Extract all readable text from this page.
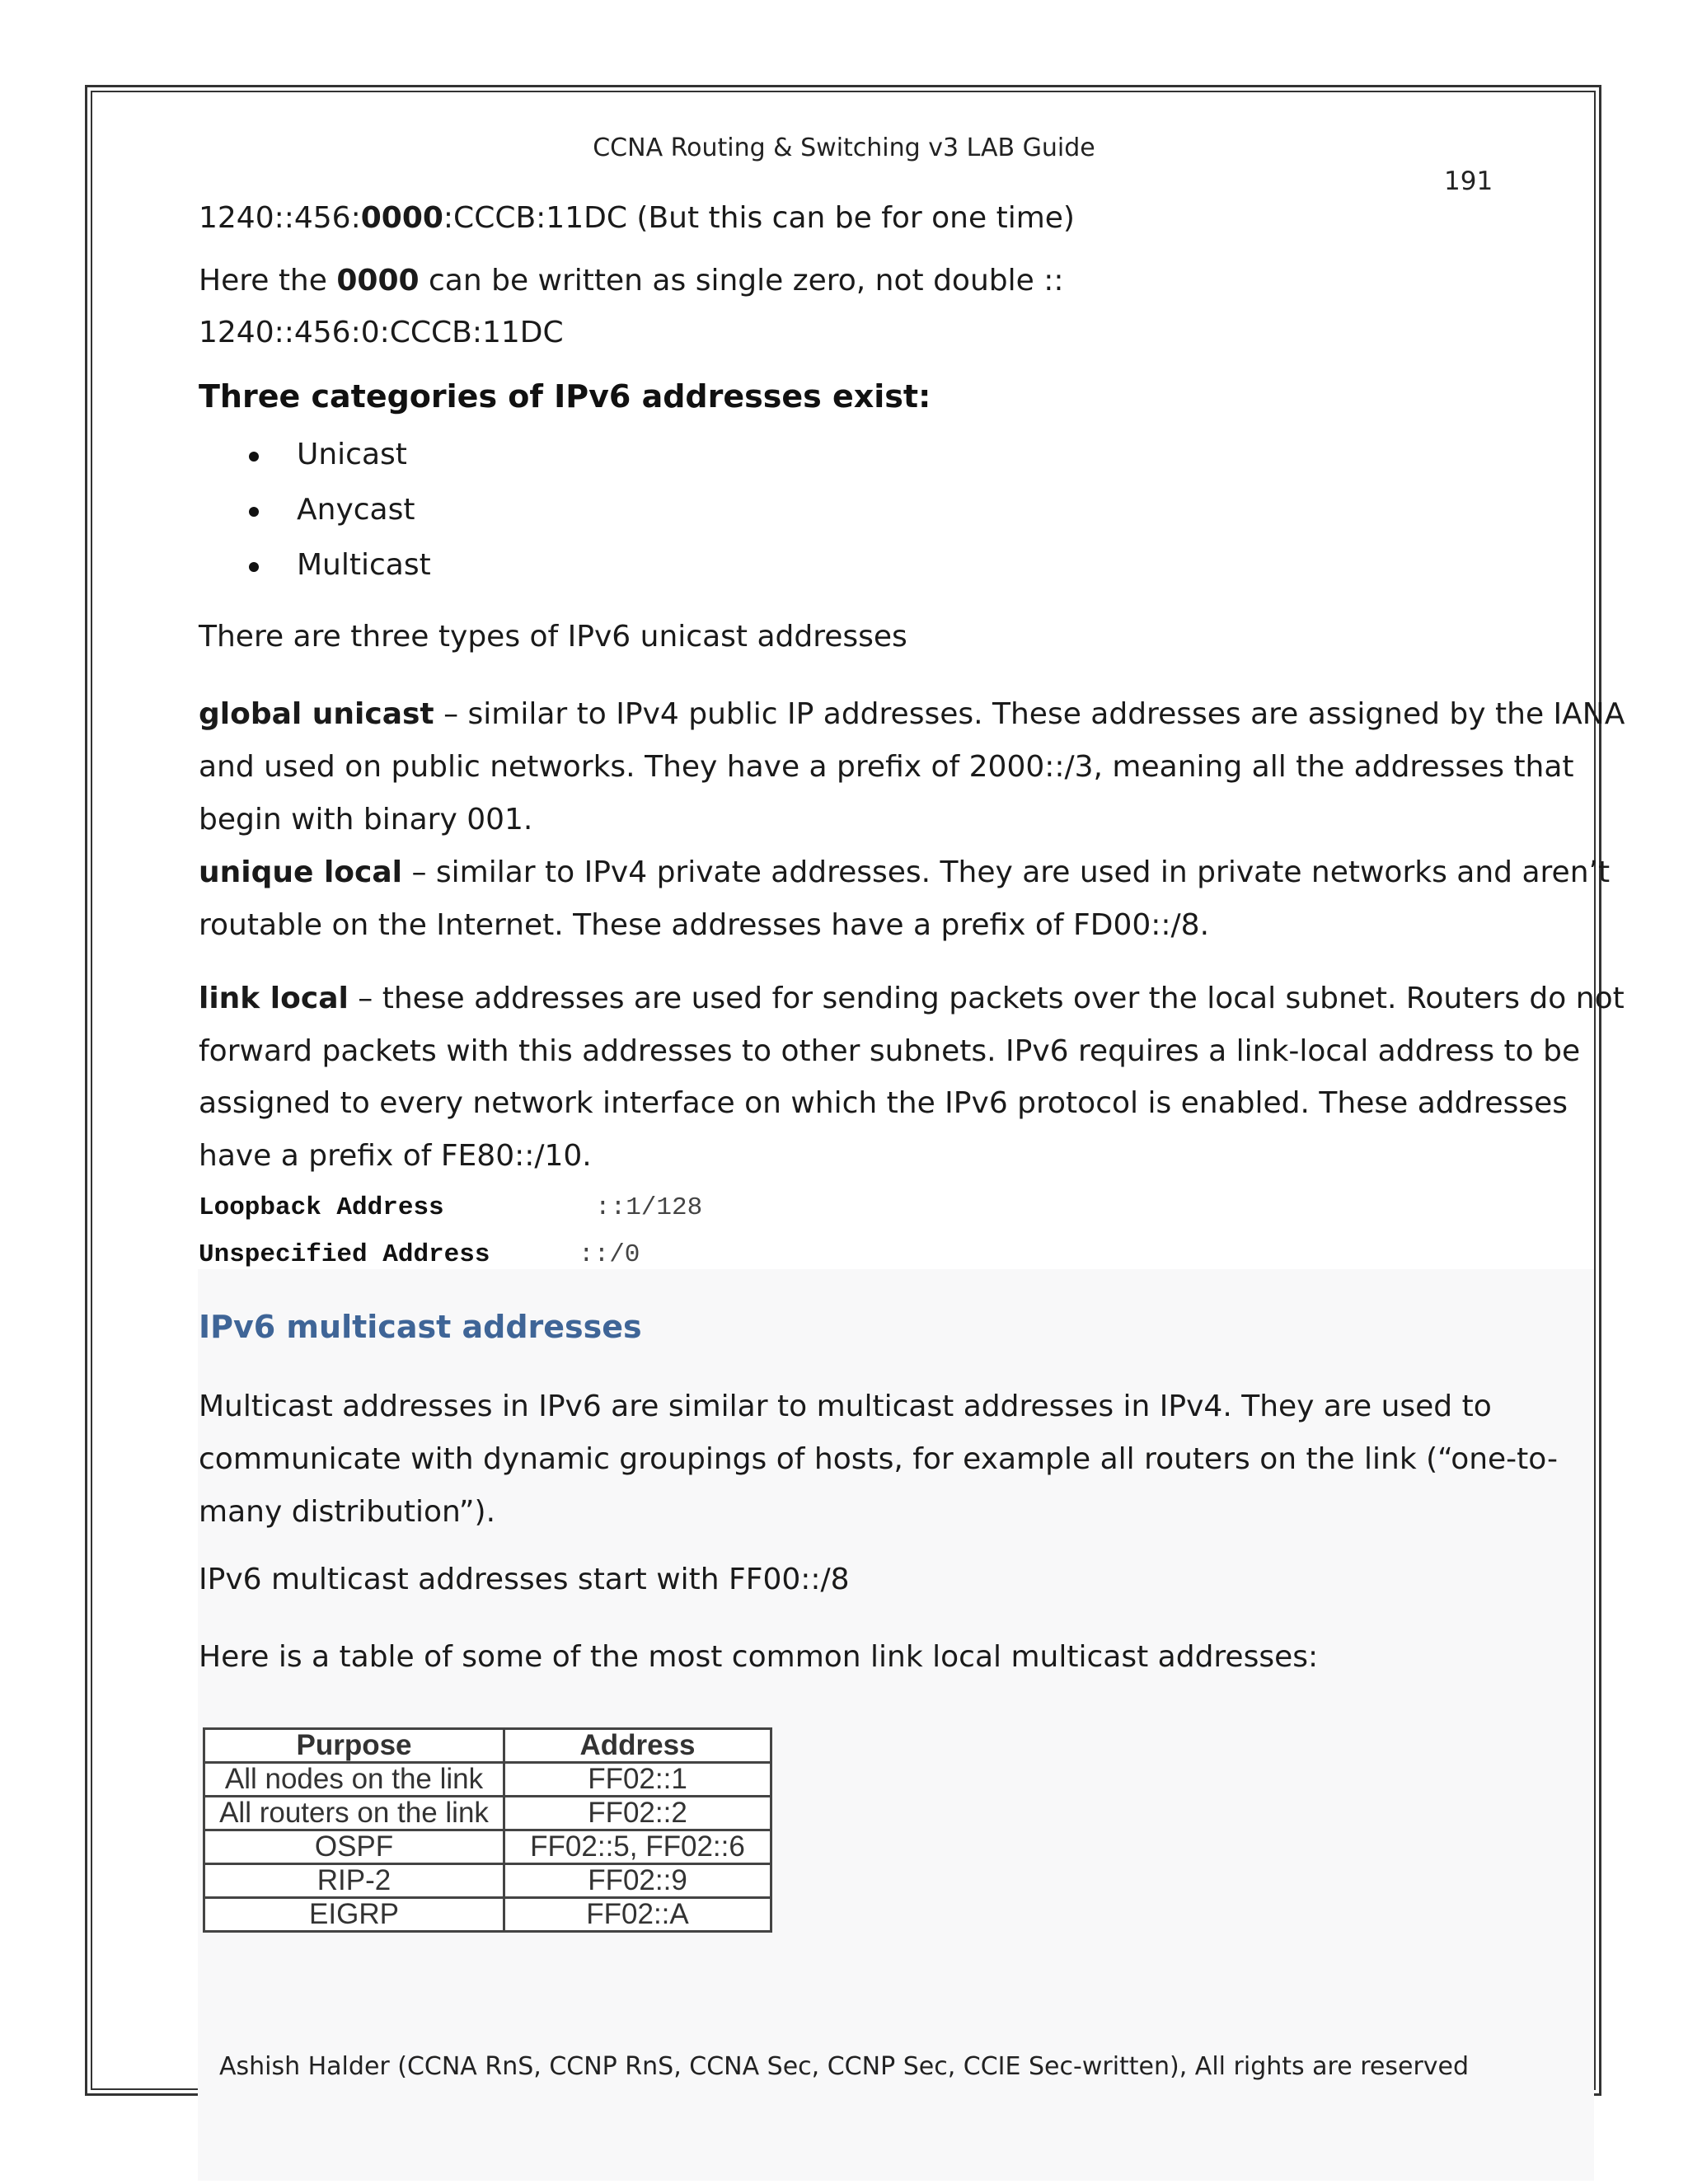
CCNA Routing & Switching v3 LAB Guide
191
1240::456:0000:CCCB:11DC (But this can be for one time)
Here the 0000 can be written as single zero, not double ::
1240::456:0:CCCB:11DC
Three categories of IPv6 addresses exist:
Unicast
Anycast
Multicast
There are three types of IPv6 unicast addresses
global unicast – similar to IPv4 public IP addresses. These addresses are assigned by the IANA
and used on public networks. They have a prefix of 2000::/3, meaning all the addresses that
begin with binary 001.
unique local – similar to IPv4 private addresses. They are used in private networks and aren’t
routable on the Internet. These addresses have a prefix of FD00::/8.
link local – these addresses are used for sending packets over the local subnet. Routers do not
forward packets with this addresses to other subnets. IPv6 requires a link-local address to be
assigned to every network interface on which the IPv6 protocol is enabled. These addresses
have a prefix of FE80::/10.
Loopback Address	::1/128
Unspecified Address	::/0
IPv6 multicast addresses
Multicast addresses in IPv6 are similar to multicast addresses in IPv4. They are used to
communicate with dynamic groupings of hosts, for example all routers on the link (“one-to-
many distribution”).
IPv6 multicast addresses start with FF00::/8
Here is a table of some of the most common link local multicast addresses:
Purpose	Address
All nodes on the link	FF02::1
All routers on the link	FF02::2
OSPF	FF02::5, FF02::6
RIP-2	FF02::9
EIGRP	FF02::A
Ashish Halder (CCNA RnS, CCNP RnS, CCNA Sec, CCNP Sec, CCIE Sec-written), All rights are reserved
